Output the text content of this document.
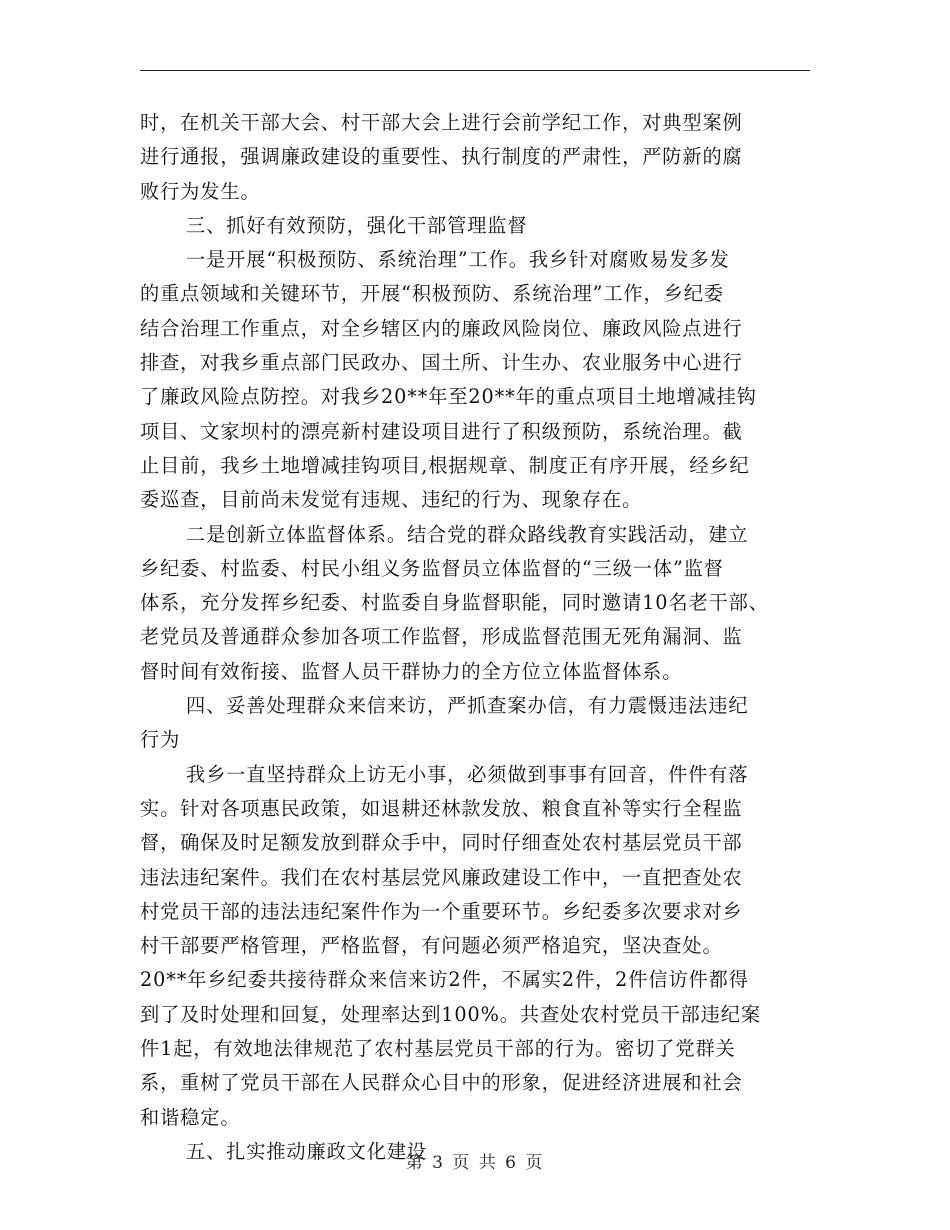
时，在机关干部大会、村干部大会上进行会前学纪工作，对典型案例
进行通报，强调廉政建设的重要性、执行制度的严肃性，严防新的腐
败行为发生。
三、抓好有效预防，强化干部管理监督
一是开展“积极预防、系统治理”工作。我乡针对腐败易发多发
的重点领域和关键环节，开展“积极预防、系统治理”工作，乡纪委
结合治理工作重点，对全乡辖区内的廉政风险岗位、廉政风险点进行
排查，对我乡重点部门民政办、国土所、计生办、农业服务中心进行
了廉政风险点防控。对我乡20**年至20**年的重点项目土地增减挂钩
项目、文家坝村的漂亮新村建设项目进行了积级预防，系统治理。截
止目前，我乡土地增减挂钩项目,根据规章、制度正有序开展，经乡纪
委巡查，目前尚未发觉有违规、违纪的行为、现象存在。
二是创新立体监督体系。结合党的群众路线教育实践活动，建立
乡纪委、村监委、村民小组义务监督员立体监督的“三级一体”监督
体系，充分发挥乡纪委、村监委自身监督职能，同时邀请10名老干部、
老党员及普通群众参加各项工作监督，形成监督范围无死角漏洞、监
督时间有效衔接、监督人员干群协力的全方位立体监督体系。
四、妥善处理群众来信来访，严抓查案办信，有力震慑违法违纪
行为
我乡一直坚持群众上访无小事，必须做到事事有回音，件件有落
实。针对各项惠民政策，如退耕还林款发放、粮食直补等实行全程监
督，确保及时足额发放到群众手中，同时仔细查处农村基层党员干部
违法违纪案件。我们在农村基层党风廉政建设工作中，一直把查处农
村党员干部的违法违纪案件作为一个重要环节。乡纪委多次要求对乡
村干部要严格管理，严格监督，有问题必须严格追究，坚决查处。
20**年乡纪委共接待群众来信来访2件，不属实2件，2件信访件都得
到了及时处理和回复，处理率达到100%。共查处农村党员干部违纪案
件1起，有效地法律规范了农村基层党员干部的行为。密切了党群关
系，重树了党员干部在人民群众心目中的形象，促进经济进展和社会
和谐稳定。
五、扎实推动廉政文化建设
第 3 页 共 6 页
